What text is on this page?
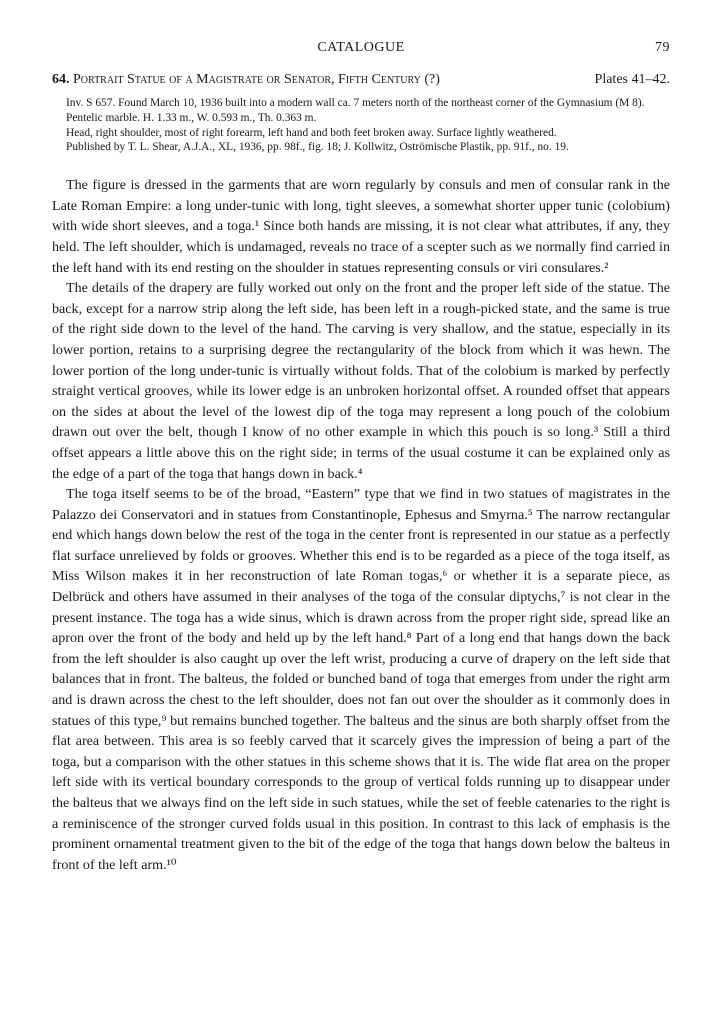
CATALOGUE	79
64. Portrait Statue of a Magistrate or Senator, Fifth Century (?)	Plates 41–42.

Inv. S 657. Found March 10, 1936 built into a modern wall ca. 7 meters north of the northeast corner of the Gymnasium (M 8).

Pentelic marble. H. 1.33 m., W. 0.593 m., Th. 0.363 m.

Head, right shoulder, most of right forearm, left hand and both feet broken away. Surface lightly weathered.

Published by T. L. Shear, A.J.A., XL, 1936, pp. 98f., fig. 18; J. Kollwitz, Oströmische Plastik, pp. 91f., no. 19.

The figure is dressed in the garments that are worn regularly by consuls and men of consular rank in the Late Roman Empire: a long under-tunic with long, tight sleeves, a somewhat shorter upper tunic (colobium) with wide short sleeves, and a toga.¹ Since both hands are missing, it is not clear what attributes, if any, they held. The left shoulder, which is undamaged, reveals no trace of a scepter such as we normally find carried in the left hand with its end resting on the shoulder in statues representing consuls or viri consulares.²

The details of the drapery are fully worked out only on the front and the proper left side of the statue. The back, except for a narrow strip along the left side, has been left in a rough-picked state, and the same is true of the right side down to the level of the hand. The carving is very shallow, and the statue, especially in its lower portion, retains to a surprising degree the rectangularity of the block from which it was hewn. The lower portion of the long under-tunic is virtually without folds. That of the colobium is marked by perfectly straight vertical grooves, while its lower edge is an unbroken horizontal offset. A rounded offset that appears on the sides at about the level of the lowest dip of the toga may represent a long pouch of the colobium drawn out over the belt, though I know of no other example in which this pouch is so long.³ Still a third offset appears a little above this on the right side; in terms of the usual costume it can be explained only as the edge of a part of the toga that hangs down in back.⁴

The toga itself seems to be of the broad, “Eastern” type that we find in two statues of magistrates in the Palazzo dei Conservatori and in statues from Constantinople, Ephesus and Smyrna.⁵ The narrow rectangular end which hangs down below the rest of the toga in the center front is represented in our statue as a perfectly flat surface unrelieved by folds or grooves. Whether this end is to be regarded as a piece of the toga itself, as Miss Wilson makes it in her reconstruction of late Roman togas,⁶ or whether it is a separate piece, as Delbrück and others have assumed in their analyses of the toga of the consular diptychs,⁷ is not clear in the present instance. The toga has a wide sinus, which is drawn across from the proper right side, spread like an apron over the front of the body and held up by the left hand.⁸ Part of a long end that hangs down the back from the left shoulder is also caught up over the left wrist, producing a curve of drapery on the left side that balances that in front. The balteus, the folded or bunched band of toga that emerges from under the right arm and is drawn across the chest to the left shoulder, does not fan out over the shoulder as it commonly does in statues of this type,⁹ but remains bunched together. The balteus and the sinus are both sharply offset from the flat area between. This area is so feebly carved that it scarcely gives the impression of being a part of the toga, but a comparison with the other statues in this scheme shows that it is. The wide flat area on the proper left side with its vertical boundary corresponds to the group of vertical folds running up to disappear under the balteus that we always find on the left side in such statues, while the set of feeble catenaries to the right is a reminiscence of the stronger curved folds usual in this position. In contrast to this lack of emphasis is the prominent ornamental treatment given to the bit of the edge of the toga that hangs down below the balteus in front of the left arm.¹⁰
